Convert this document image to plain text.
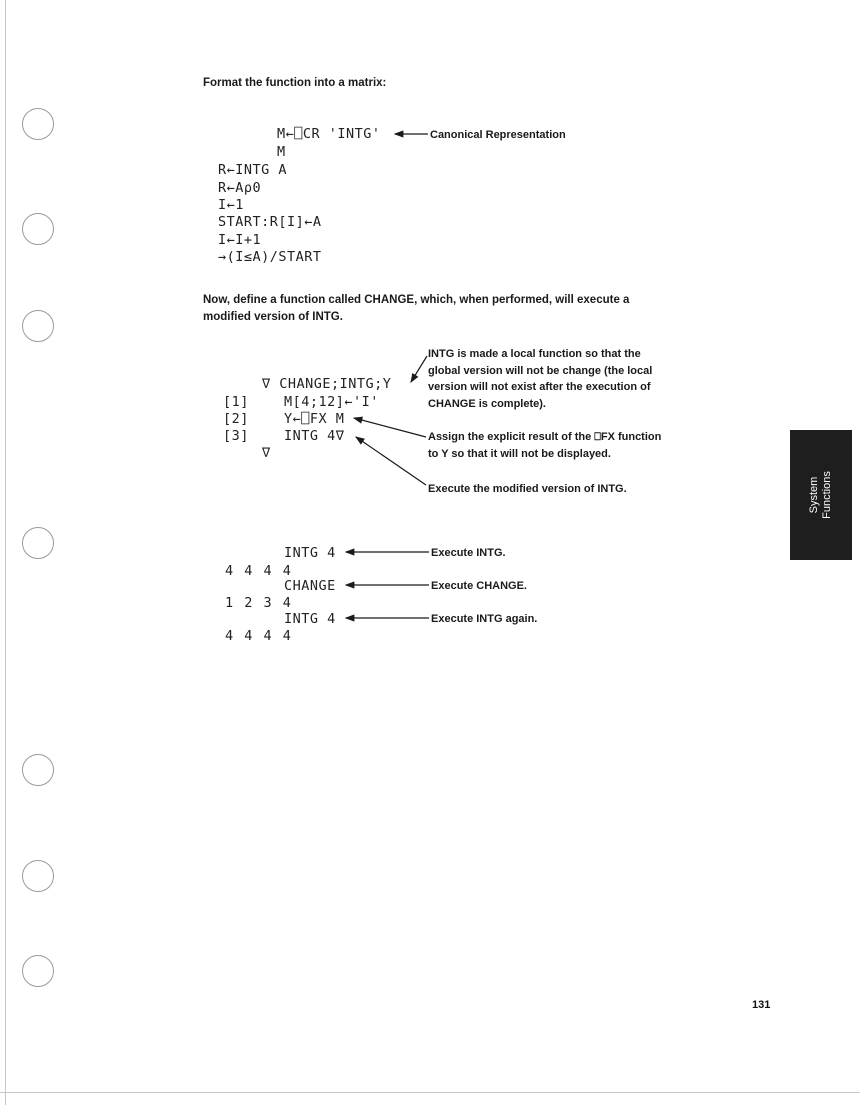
Format the function into a matrix:
M←⎕CR 'INTG'
M
R←INTG A
R←A⍴0
I←1
START:R[I]←A
I←I+1
→(I≤A)/START
Canonical Representation
Now, define a function called CHANGE, which, when performed, will execute a
modified version of INTG.
∇ CHANGE;INTG;Y
[1]
[2]
[3]
M[4;12]←'I'
Y←⎕FX M
INTG 4∇
∇
INTG is made a local function so that the
global version will not be change (the local
version will not exist after the execution of
CHANGE is complete).
Assign the explicit result of the ⎕FX function
to Y so that it will not be displayed.
Execute the modified version of INTG.
INTG 4
4 4 4 4
CHANGE
1 2 3 4
INTG 4
4 4 4 4
Execute INTG.
Execute CHANGE.
Execute INTG again.
System
Functions
131
